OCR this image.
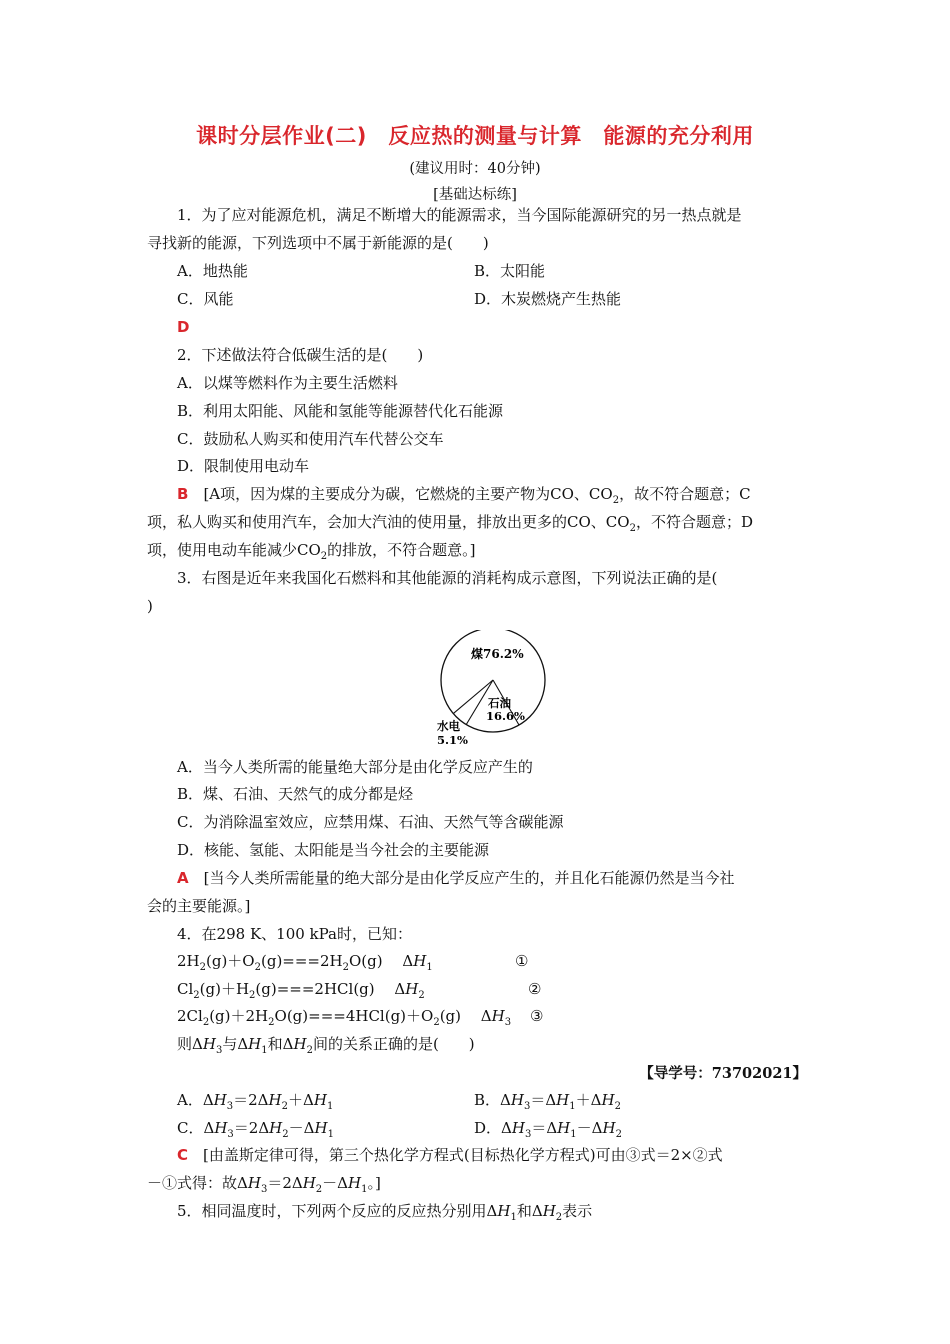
课时分层作业(二)　反应热的测量与计算　能源的充分利用
(建议用时：40分钟)
[基础达标练]
1．为了应对能源危机，满足不断增大的能源需求，当今国际能源研究的另一热点就是
寻找新的能源，下列选项中不属于新能源的是(　　)
A．地热能	B．太阳能
C．风能	D．木炭燃烧产生热能
D
2．下述做法符合低碳生活的是(　　)
A．以煤等燃料作为主要生活燃料
B．利用太阳能、风能和氢能等能源替代化石能源
C．鼓励私人购买和使用汽车代替公交车
D．限制使用电动车
B　[A项，因为煤的主要成分为碳，它燃烧的主要产物为CO、$CO_2$，故不符合题意；C
项，私人购买和使用汽车，会加大汽油的使用量，排放出更多的CO、$CO_2$，不符合题意；D
项，使用电动车能减少$CO_2$的排放，不符合题意。]
3．右图是近年来我国化石燃料和其他能源的消耗构成示意图，下列说法正确的是(
)
煤76.2%
石油
16.6%
水电
5.1%
A．当今人类所需的能量绝大部分是由化学反应产生的
B．煤、石油、天然气的成分都是烃
C．为消除温室效应，应禁用煤、石油、天然气等含碳能源
D．核能、氢能、太阳能是当今社会的主要能源
A　[当今人类所需能量的绝大部分是由化学反应产生的，并且化石能源仍然是当今社
会的主要能源。]
4．在298 K、100 kPa时，已知：
$2H_2(g)+O_2(g)===2H_2O(g)$　 $\Delta H_1$	①
$Cl_2(g)+H_2(g)===2HCl(g)$　 $\Delta H_2$	②
$2Cl_2(g)+2H_2O(g)===4HCl(g)+O_2(g)$　 $\Delta H_3$ ③
则$\Delta H_3$与$\Delta H_1$和$\Delta H_2$间的关系正确的是(　　)
【导学号：73702021】
A．$\Delta H_3=2\Delta H_2+\Delta H_1$	B．$\Delta H_3=\Delta H_1+\Delta H_2$
C．$\Delta H_3=2\Delta H_2-\Delta H_1$	D．$\Delta H_3=\Delta H_1-\Delta H_2$
C　[由盖斯定律可得，第三个热化学方程式(目标热化学方程式)可由③式＝2×②式
－①式得：故$\Delta H_3=2\Delta H_2-\Delta H_1$。]
5．相同温度时，下列两个反应的反应热分别用$\Delta H_1$和$\Delta H_2$表示
